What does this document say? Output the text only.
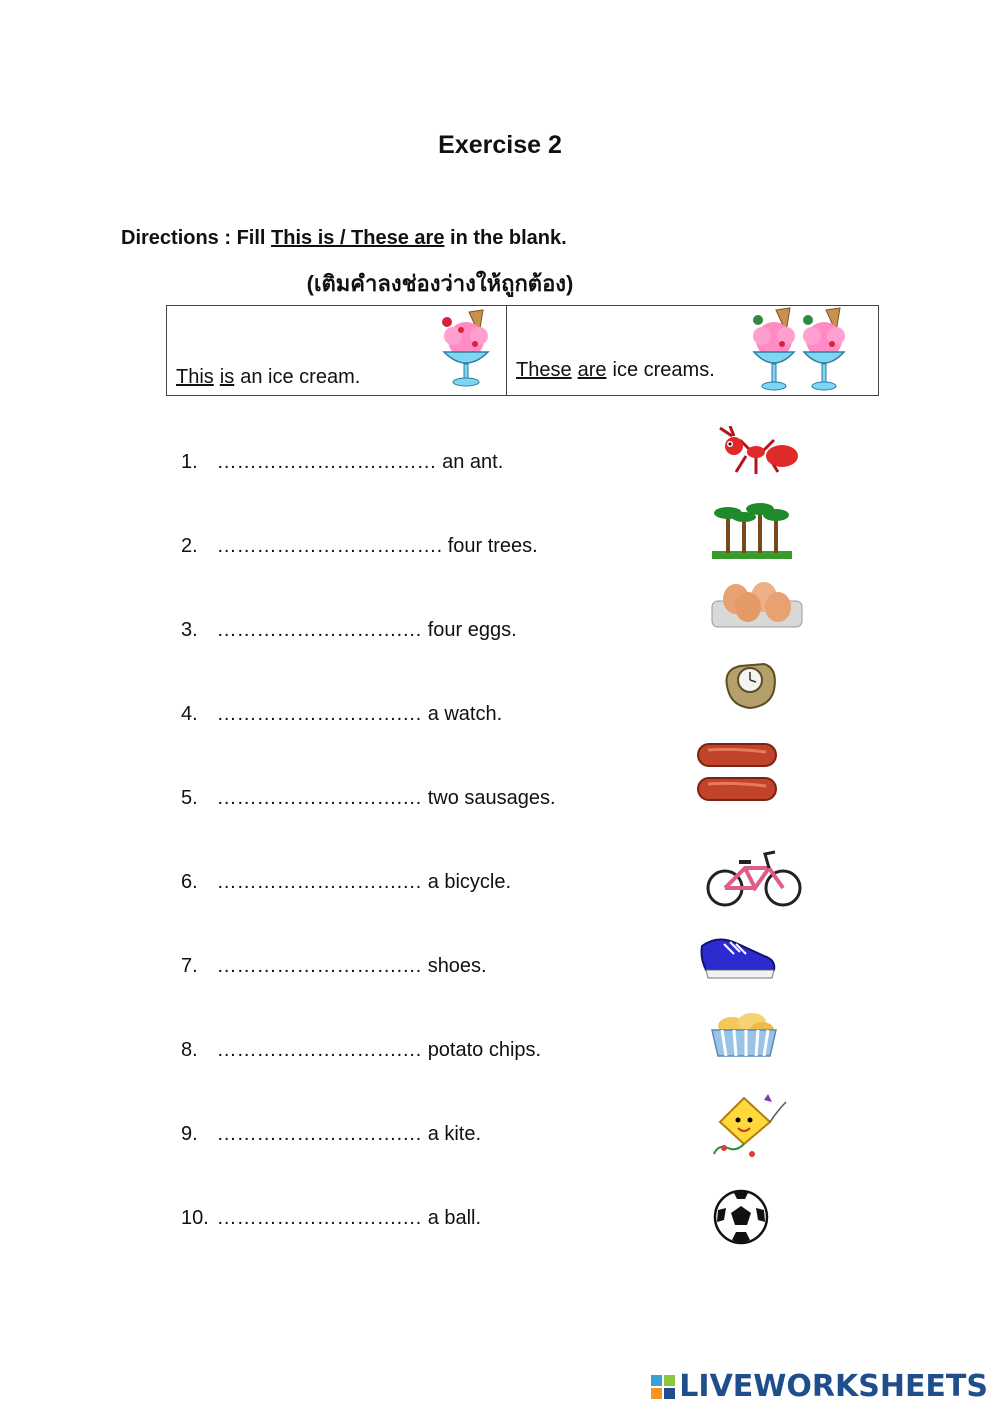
Exercise 2
Directions : Fill This is / These are in the blank.
(เติมคำลงช่องว่างให้ถูกต้อง)
This is an ice cream.	These are ice creams.
1. …………………………… an ant.
2. ……………………………. four trees.
3. ……………………….… four eggs.
4. ……………………….… a watch.
5. ……………………….… two sausages.
6. ……………………….… a bicycle.
7. ……………………….… shoes.
8. ……………………….… potato chips.
9. ……………………….… a kite.
10. ……………………….… a ball.
LIVEWORKSHEETS
